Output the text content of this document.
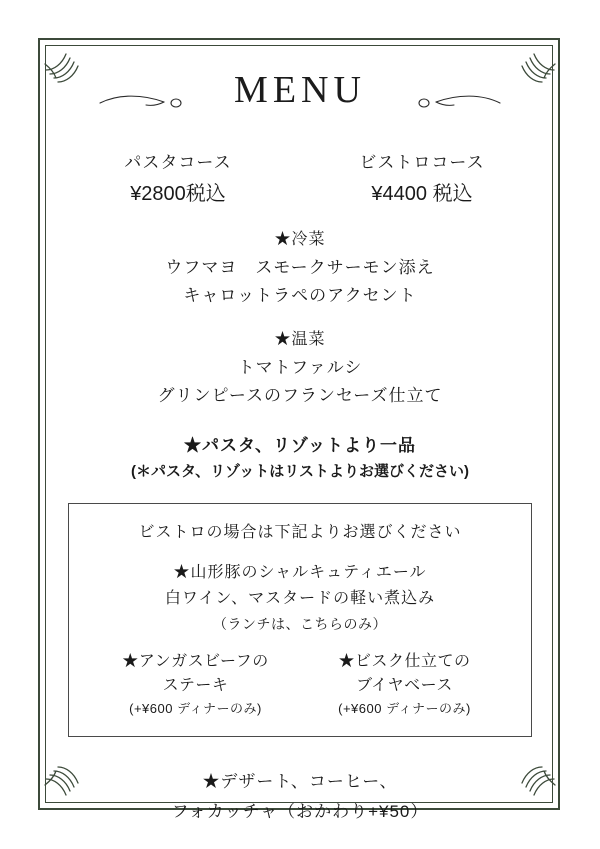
MENU
パスタコース
¥2800税込
ビストロコース
¥4400 税込
★冷菜
ウフマヨ　スモークサーモン添え
キャロットラペのアクセント
★温菜
トマトファルシ
グリンピースのフランセーズ仕立て
★パスタ、リゾットより一品
(＊パスタ、リゾットはリストよりお選びください)
ビストロの場合は下記よりお選びください
★山形豚のシャルキュティエール
白ワイン、マスタードの軽い煮込み
（ランチは、こちらのみ）
★アンガスビーフの
ステーキ
(+¥600 ディナーのみ)
★ビスク仕立ての
ブイヤベース
(+¥600 ディナーのみ)
★デザート、コーヒー、
フォカッチャ（おかわり+¥50）
